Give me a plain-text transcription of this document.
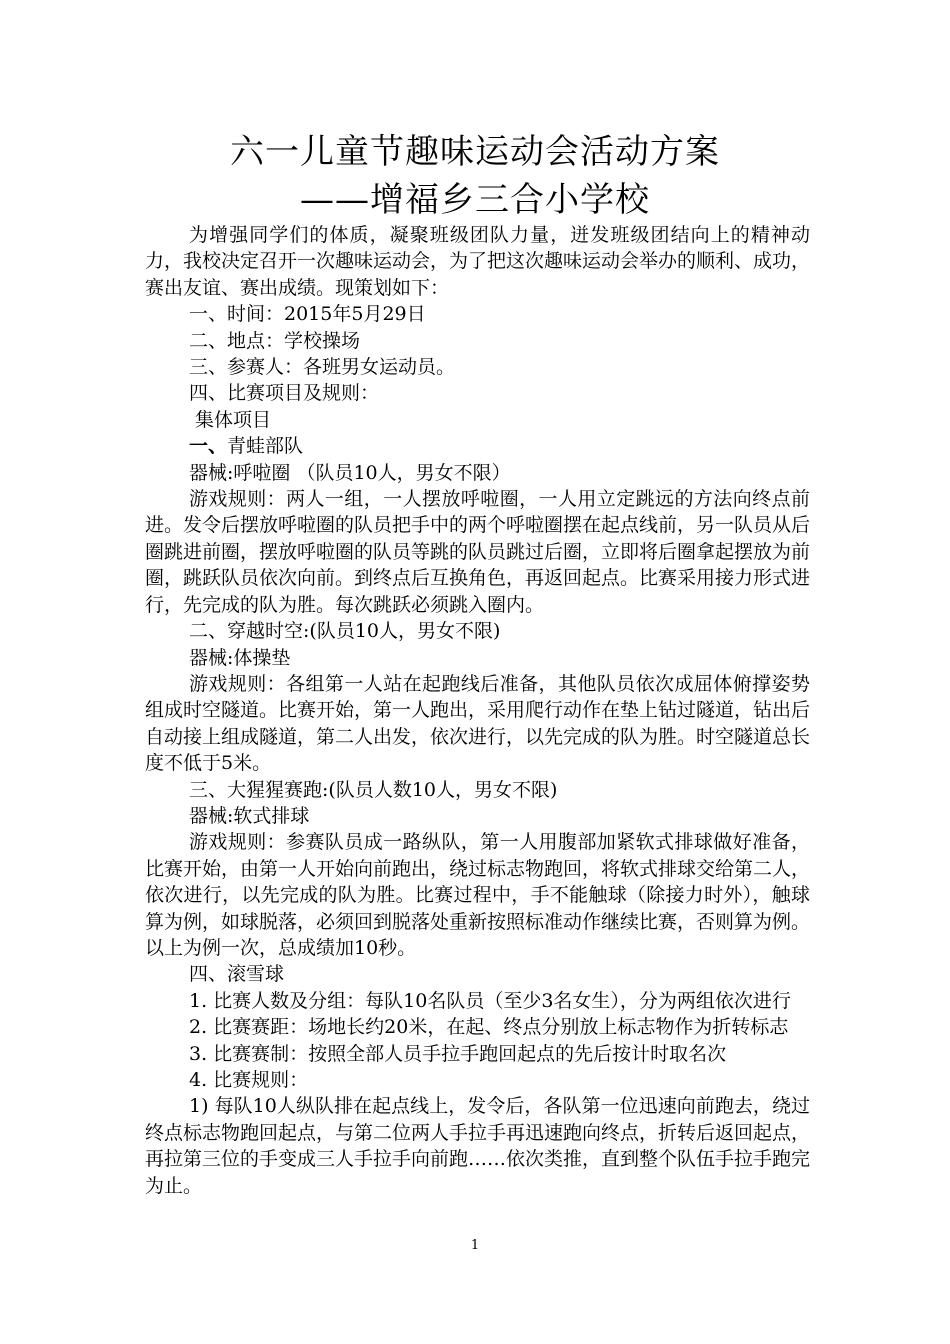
六一儿童节趣味运动会活动方案
——增福乡三合小学校

为增强同学们的体质，凝聚班级团队力量，迸发班级团结向上的精神动力，我校决定召开一次趣味运动会，为了把这次趣味运动会举办的顺利、成功，赛出友谊、赛出成绩。现策划如下：

一、时间：2015年5月29日

二、地点：学校操场

三、参赛人：各班男女运动员。

四、比赛项目及规则：

集体项目

一、青蛙部队

器械:呼啦圈 （队员10人，男女不限）

游戏规则：两人一组，一人摆放呼啦圈，一人用立定跳远的方法向终点前进。发令后摆放呼啦圈的队员把手中的两个呼啦圈摆在起点线前，另一队员从后圈跳进前圈，摆放呼啦圈的队员等跳的队员跳过后圈，立即将后圈拿起摆放为前圈，跳跃队员依次向前。到终点后互换角色，再返回起点。比赛采用接力形式进行，先完成的队为胜。每次跳跃必须跳入圈内。

二、穿越时空:(队员10人，男女不限)

器械:体操垫

游戏规则：各组第一人站在起跑线后准备，其他队员依次成屈体俯撑姿势组成时空隧道。比赛开始，第一人跑出，采用爬行动作在垫上钻过隧道，钻出后自动接上组成隧道，第二人出发，依次进行，以先完成的队为胜。时空隧道总长度不低于5米。

三、大猩猩赛跑:(队员人数10人，男女不限)

器械:软式排球

游戏规则：参赛队员成一路纵队，第一人用腹部加紧软式排球做好准备，比赛开始，由第一人开始向前跑出，绕过标志物跑回，将软式排球交给第二人，依次进行，以先完成的队为胜。比赛过程中，手不能触球（除接力时外），触球算为例，如球脱落，必须回到脱落处重新按照标准动作继续比赛，否则算为例。以上为例一次，总成绩加10秒。

四、滚雪球

1. 比赛人数及分组：每队10名队员（至少3名女生），分为两组依次进行

2. 比赛赛距：场地长约20米，在起、终点分别放上标志物作为折转标志

3. 比赛赛制：按照全部人员手拉手跑回起点的先后按计时取名次

4. 比赛规则：

1) 每队10人纵队排在起点线上，发令后，各队第一位迅速向前跑去，绕过终点标志物跑回起点，与第二位两人手拉手再迅速跑向终点，折转后返回起点，再拉第三位的手变成三人手拉手向前跑……依次类推，直到整个队伍手拉手跑完为止。

1
